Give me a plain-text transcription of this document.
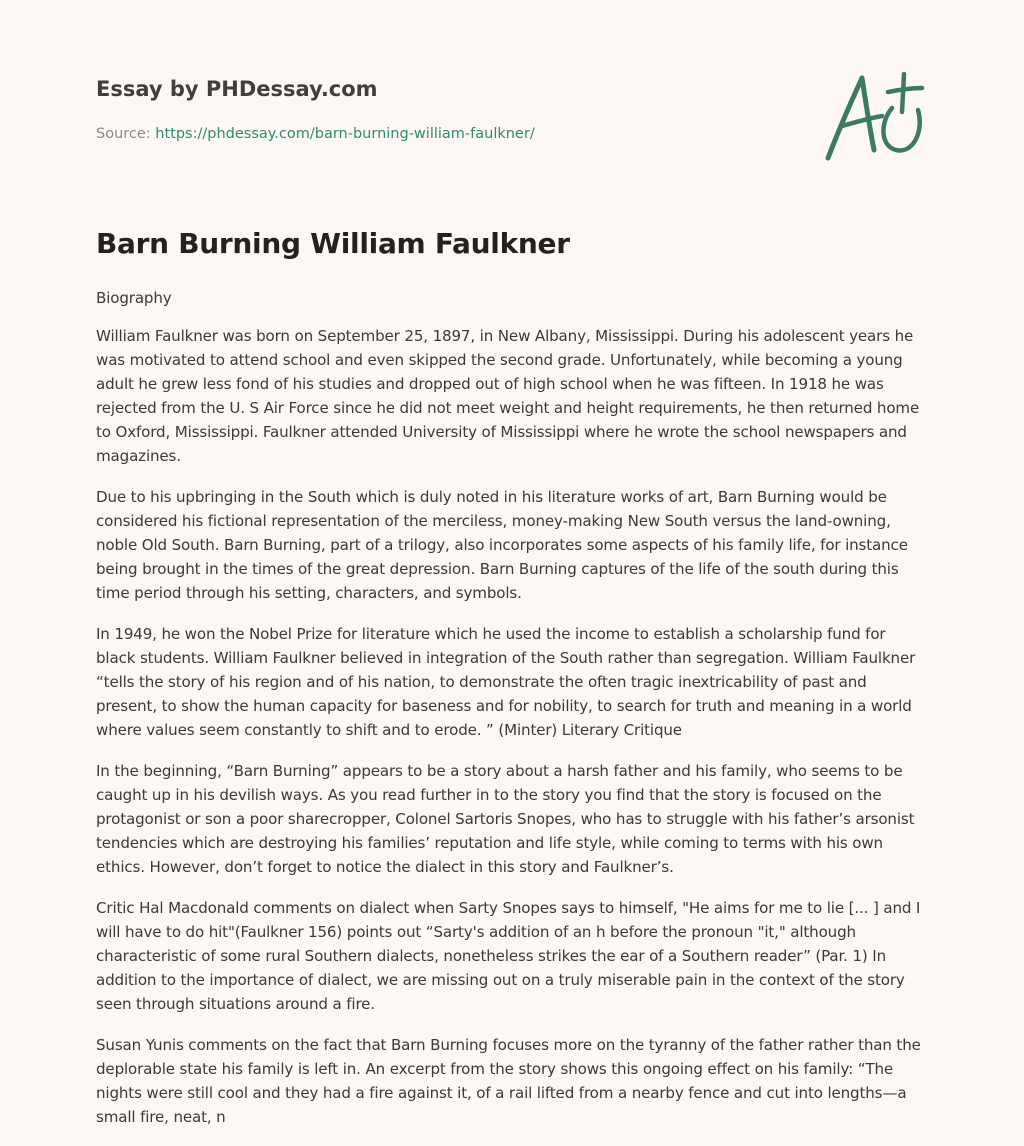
Essay by PHDessay.com
Source: https://phdessay.com/barn-burning-william-faulkner/
Barn Burning William Faulkner

Biography

William Faulkner was born on September 25, 1897, in New Albany, Mississippi. During his adolescent years he was motivated to attend school and even skipped the second grade. Unfortunately, while becoming a young adult he grew less fond of his studies and dropped out of high school when he was fifteen. In 1918 he was rejected from the U. S Air Force since he did not meet weight and height requirements, he then returned home to Oxford, Mississippi. Faulkner attended University of Mississippi where he wrote the school newspapers and magazines.

Due to his upbringing in the South which is duly noted in his literature works of art, Barn Burning would be considered his fictional representation of the merciless, money-making New South versus the land-owning, noble Old South. Barn Burning, part of a trilogy, also incorporates some aspects of his family life, for instance being brought in the times of the great depression. Barn Burning captures of the life of the south during this time period through his setting, characters, and symbols.

In 1949, he won the Nobel Prize for literature which he used the income to establish a scholarship fund for black students. William Faulkner believed in integration of the South rather than segregation. William Faulkner “tells the story of his region and of his nation, to demonstrate the often tragic inextricability of past and present, to show the human capacity for baseness and for nobility, to search for truth and meaning in a world where values seem constantly to shift and to erode. ” (Minter) Literary Critique

In the beginning, “Barn Burning” appears to be a story about a harsh father and his family, who seems to be caught up in his devilish ways. As you read further in to the story you find that the story is focused on the protagonist or son a poor sharecropper, Colonel Sartoris Snopes, who has to struggle with his father’s arsonist tendencies which are destroying his families’ reputation and life style, while coming to terms with his own ethics. However, don’t forget to notice the dialect in this story and Faulkner’s.

Critic Hal Macdonald comments on dialect when Sarty Snopes says to himself, "He aims for me to lie [... ] and I will have to do hit"(Faulkner 156) points out “Sarty's addition of an h before the pronoun "it," although characteristic of some rural Southern dialects, nonetheless strikes the ear of a Southern reader” (Par. 1) In addition to the importance of dialect, we are missing out on a truly miserable pain in the context of the story seen through situations around a fire.

Susan Yunis comments on the fact that Barn Burning focuses more on the tyranny of the father rather than the deplorable state his family is left in. An excerpt from the story shows this ongoing effect on his family: “The nights were still cool and they had a fire against it, of a rail lifted from a nearby fence and cut into lengths—a small fire, neat, n
